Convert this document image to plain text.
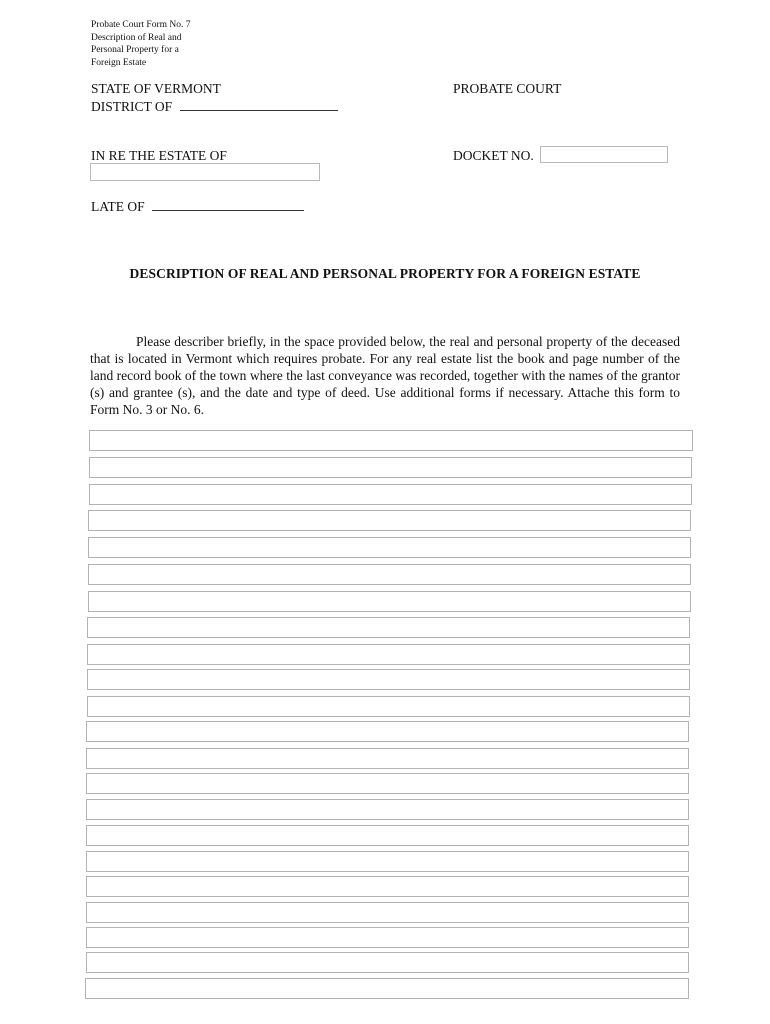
Probate Court Form No. 7
Description of Real and
Personal Property for a
Foreign Estate
STATE OF VERMONT
DISTRICT OF
PROBATE COURT
IN RE THE ESTATE OF	DOCKET NO.
LATE OF
DESCRIPTION OF REAL AND PERSONAL PROPERTY FOR A FOREIGN ESTATE
Please describer briefly, in the space provided below, the real and personal property of the deceased that is located in Vermont which requires probate. For any real estate list the book and page number of the land record book of the town where the last conveyance was recorded, together with the names of the grantor (s) and grantee (s), and the date and type of deed. Use additional forms if necessary. Attache this form to Form No. 3 or No. 6.
